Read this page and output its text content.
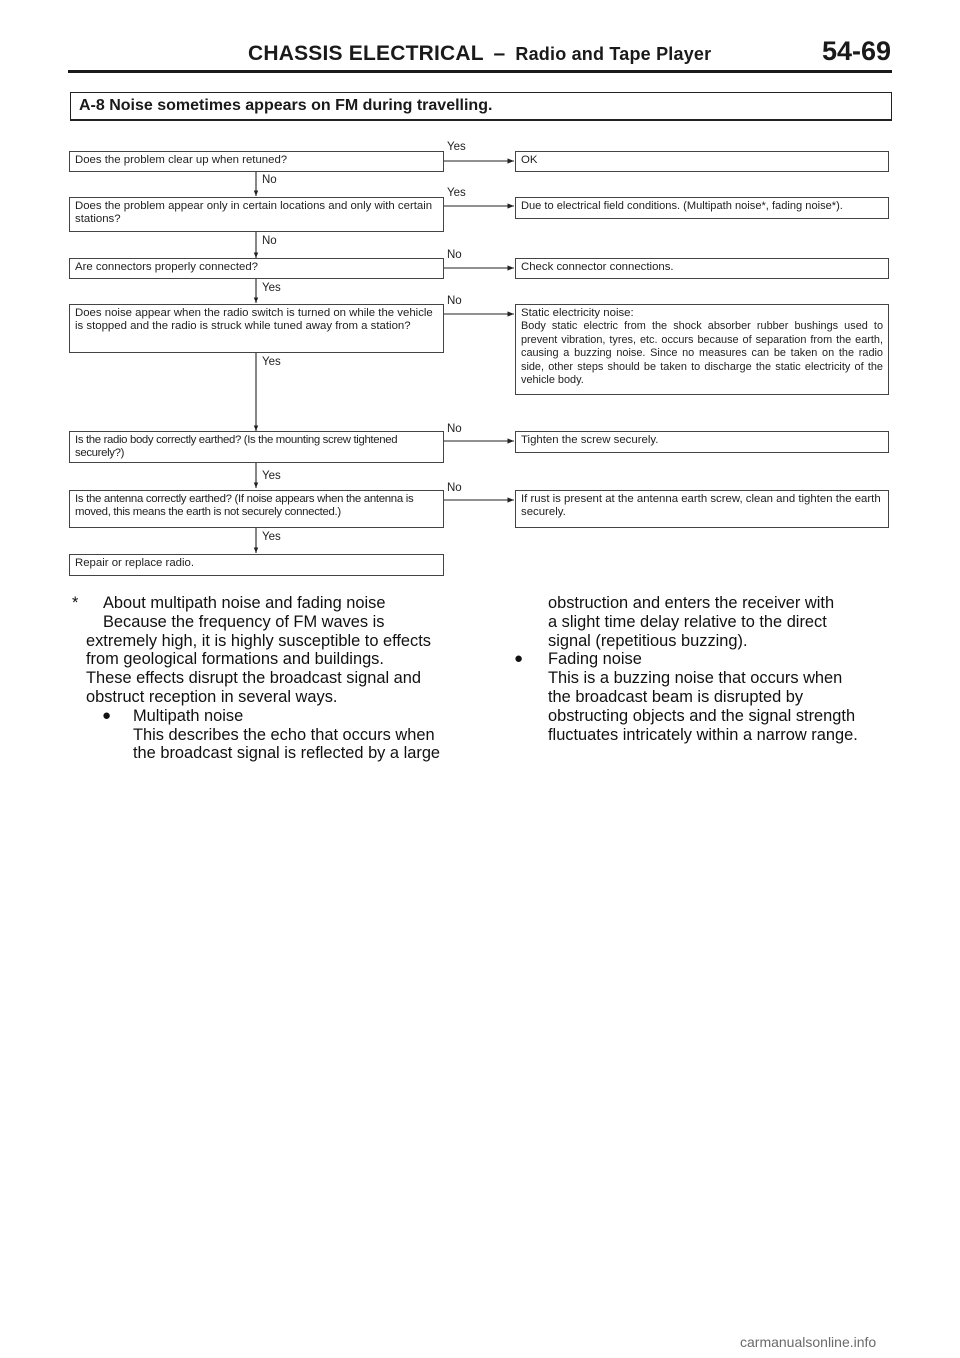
CHASSIS ELECTRICAL – Radio and Tape Player	54-69
A-8 Noise sometimes appears on FM during travelling.
Does the problem clear up when retuned?
Does the problem appear only in certain locations and only with certain stations?
Are connectors properly connected?
Does noise appear when the radio switch is turned on while the vehicle is stopped and the radio is struck while tuned away from a station?
Is the radio body correctly earthed? (Is the mounting screw tightened securely?)
Is the antenna correctly earthed? (If noise appears when the antenna is moved, this means the earth is not securely connected.)
Repair or replace radio.
OK
Due to electrical field conditions. (Multipath noise*, fading noise*).
Check connector connections.
Static electricity noise:
Body static electric from the shock absorber rubber bushings used to prevent vibration, tyres, etc. occurs because of separation from the earth, causing a buzzing noise. Since no measures can be taken on the radio side, other steps should be taken to discharge the static electricity of the vehicle body.
Tighten the screw securely.
If rust is present at the antenna earth screw, clean and tighten the earth securely.
Yes
No
Yes
No
No
Yes
No
Yes
No
Yes
No
Yes
*	About multipath noise and fading noise
Because the frequency of FM waves is
extremely high, it is highly susceptible to effects
from geological formations and buildings.
These effects disrupt the broadcast signal and
obstruct reception in several ways.
● Multipath noise
This describes the echo that occurs when
the broadcast signal is reflected by a large
obstruction and enters the receiver with
a slight time delay relative to the direct
signal (repetitious buzzing).
● Fading noise
This is a buzzing noise that occurs when
the broadcast beam is disrupted by
obstructing objects and the signal strength
fluctuates intricately within a narrow range.
carmanualsonline.info
